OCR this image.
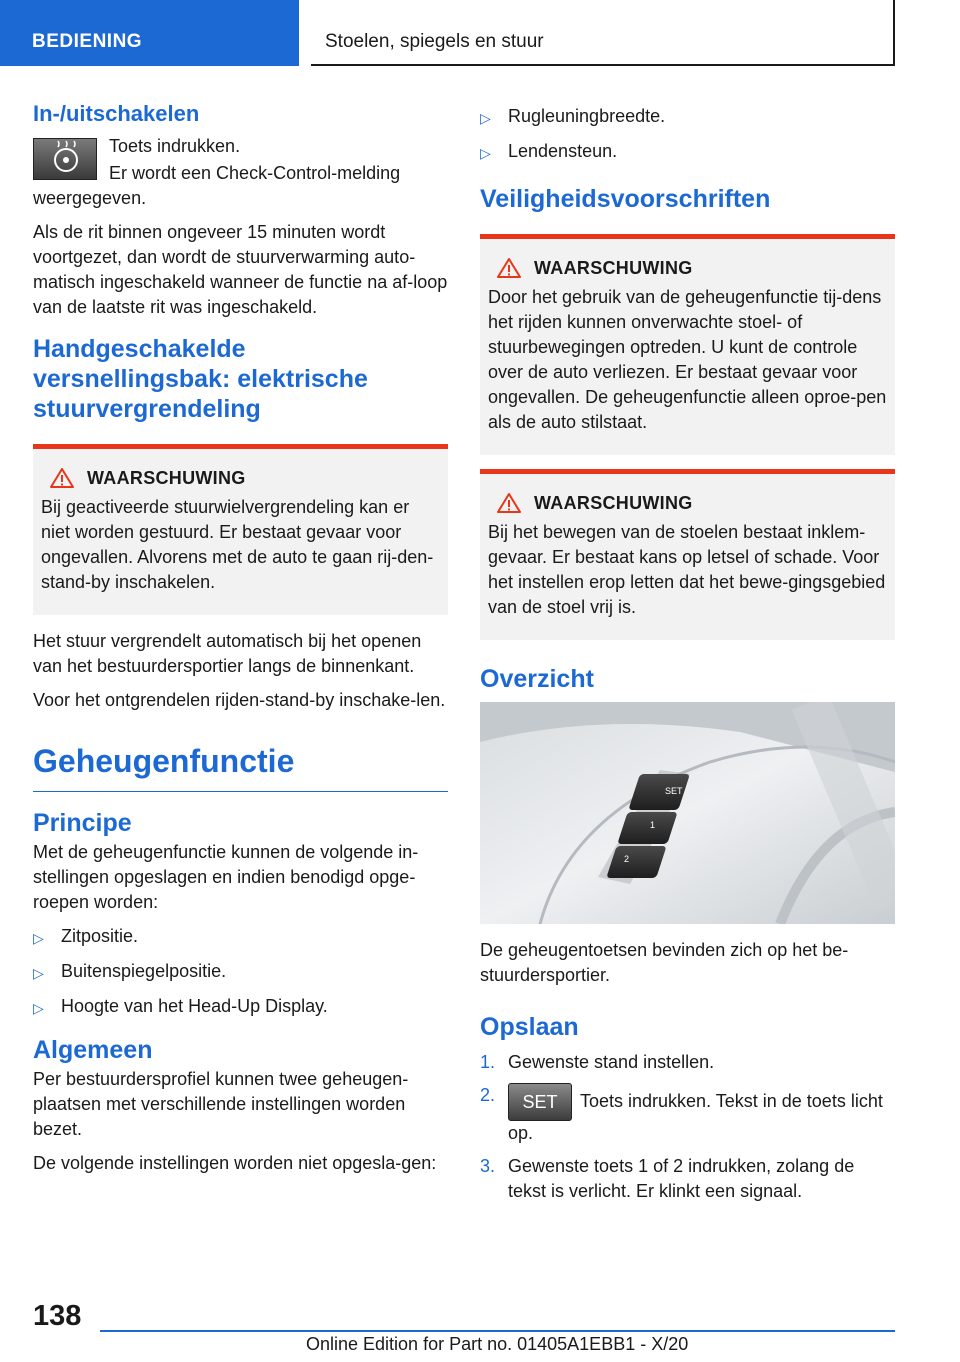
BEDIENING	Stoelen, spiegels en stuur
In-/uitschakelen

Toets indrukken.

Er wordt een Check-Control-melding weergegeven.

Als de rit binnen ongeveer 15 minuten wordt voortgezet, dan wordt de stuurverwarming auto‐matisch ingeschakeld wanneer de functie na af‐loop van de laatste rit was ingeschakeld.

Handgeschakelde versnellingsbak: elektrische stuurvergrendeling
WAARSCHUWING
Bij geactiveerde stuurwielvergrendeling kan er niet worden gestuurd. Er bestaat gevaar voor ongevallen. Alvorens met de auto te gaan rij‐den-stand-by inschakelen.

Het stuur vergrendelt automatisch bij het openen van het bestuurdersportier langs de binnenkant.

Voor het ontgrendelen rijden-stand-by inschake‐len.

Geheugenfunctie
Principe

Met de geheugenfunctie kunnen de volgende in‐stellingen opgeslagen en indien benodigd opge‐roepen worden:

▷ Zitpositie.
▷ Buitenspiegelpositie.
▷ Hoogte van het Head-Up Display.
Algemeen

Per bestuurdersprofiel kunnen twee geheugen‐plaatsen met verschillende instellingen worden bezet.

De volgende instellingen worden niet opgesla‐gen:

▷ Rugleuningbreedte.
▷ Lendensteun.
Veiligheidsvoorschriften
WAARSCHUWING
Door het gebruik van de geheugenfunctie tij‐dens het rijden kunnen onverwachte stoel- of stuurbewegingen optreden. U kunt de controle over de auto verliezen. Er bestaat gevaar voor ongevallen. De geheugenfunctie alleen oproe‐pen als de auto stilstaat.
WAARSCHUWING
Bij het bewegen van de stoelen bestaat inklem‐gevaar. Er bestaat kans op letsel of schade. Voor het instellen erop letten dat het bewe‐gingsgebied van de stoel vrij is.
Overzicht
SET
1
2

De geheugentoetsen bevinden zich op het be‐stuurdersportier.

Opslaan
1. Gewenste stand instellen.
2.	SET Toets indrukken. Tekst in de toets licht op.
3. Gewenste toets 1 of 2 indrukken, zolang de tekst is verlicht. Er klinkt een signaal.
138
Online Edition for Part no. 01405A1EBB1 - X/20
